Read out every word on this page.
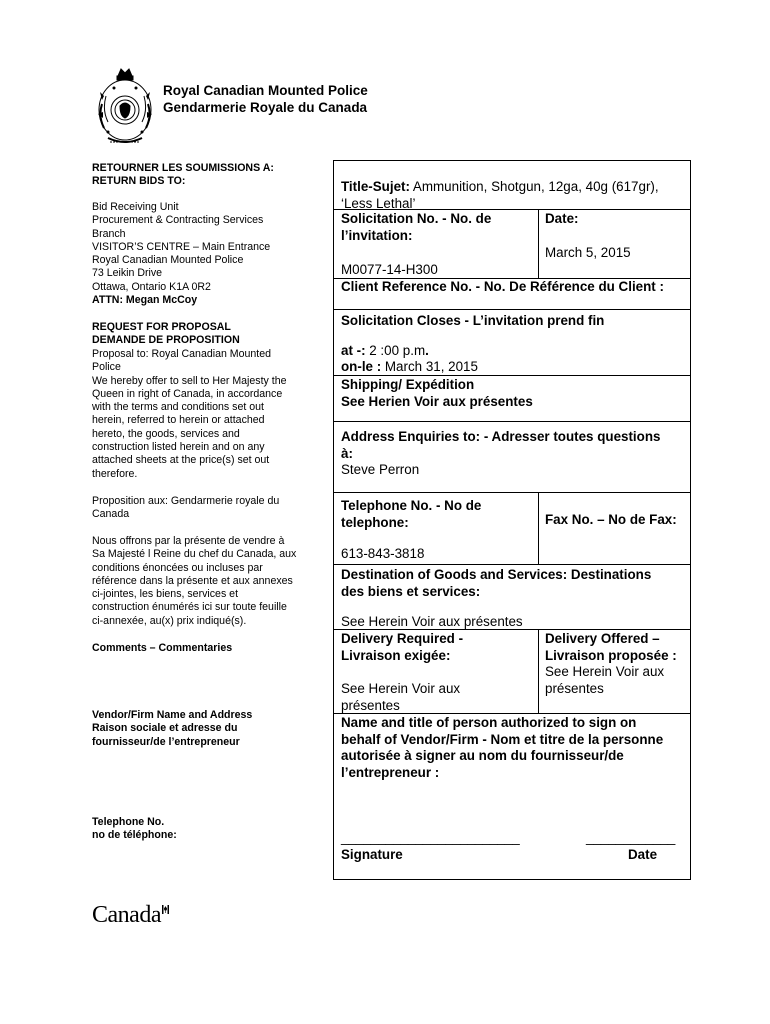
Royal Canadian Mounted Police
Gendarmerie Royale du Canada
RETOURNER LES SOUMISSIONS A:
RETURN BIDS TO:
Bid Receiving Unit
Procurement & Contracting Services
Branch
VISITOR’S CENTRE – Main Entrance
Royal Canadian Mounted Police
73 Leikin Drive
Ottawa, Ontario K1A 0R2
ATTN: Megan McCoy
REQUEST FOR PROPOSAL
DEMANDE DE PROPOSITION
Proposal to: Royal Canadian Mounted
Police
We hereby offer to sell to Her Majesty the
Queen in right of Canada, in accordance
with the terms and conditions set out
herein, referred to herein or attached
hereto, the goods, services and
construction listed herein and on any
attached sheets at the price(s) set out
therefore.
Proposition aux: Gendarmerie royale du
Canada
Nous offrons par la présente de vendre à
Sa Majesté l Reine du chef du Canada, aux
conditions énoncées ou incluses par
référence dans la présente et aux annexes
ci-jointes, les biens, services et
construction énumérés ici sur toute feuille
ci-annexée, au(x) prix indiqué(s).
Comments – Commentaries
Vendor/Firm Name and Address
Raison sociale et adresse du
fournisseur/de l’entrepreneur
Telephone No.
no de téléphone:
Title-Sujet: Ammunition, Shotgun, 12ga, 40g (617gr),
‘Less Lethal’
Solicitation No. - No. de
l’invitation:
M0077-14-H300
Date:
March 5, 2015
Client Reference No. - No. De Référence du Client :
Solicitation Closes - L’invitation prend fin
at -: 2 :00 p.m.
on-le : March 31, 2015
Shipping/ Expédition
See Herien Voir aux présentes
Address Enquiries to: - Adresser toutes questions
à:
Steve Perron
Telephone No. - No de
telephone:
613-843-3818
Fax No. – No de Fax:
Destination of Goods and Services: Destinations
des biens et services:
See Herein Voir aux présentes
Delivery Required -
Livraison exigée:
See Herein Voir aux
présentes
Delivery Offered –
Livraison proposée :
See Herein Voir aux
présentes
Name and title of person authorized to sign on
behalf of Vendor/Firm - Nom et titre de la personne
autorisée à signer au nom du fournisseur/de
l’entrepreneur :
________________________	____________
Signature	Date
Canada
